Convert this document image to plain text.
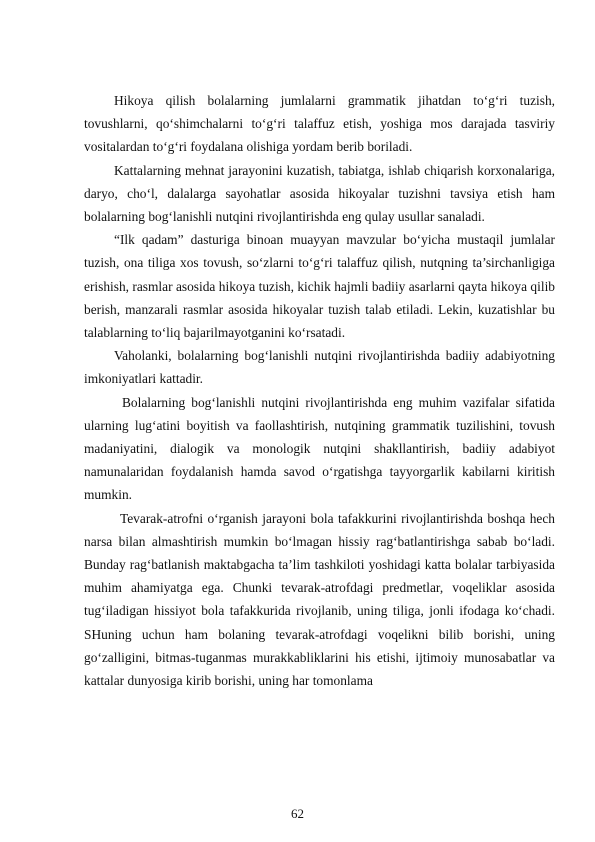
Hikoya qilish bolalarning jumlalarni grammatik jihatdan to‘g‘ri tuzish, tovushlarni, qo‘shimchalarni to‘g‘ri talaffuz etish, yoshiga mos darajada tasviriy vositalardan to‘g‘ri foydalana olishiga yordam berib boriladi.

Kattalarning mehnat jarayonini kuzatish, tabiatga, ishlab chiqarish korxonalariga, daryo, cho‘l, dalalarga sayohatlar asosida hikoyalar tuzishni tavsiya etish ham bolalarning bog‘lanishli nutqini rivojlantirishda eng qulay usullar sanaladi.

“Ilk qadam” dasturiga binoan muayyan mavzular bo‘yicha mustaqil jumlalar tuzish, ona tiliga xos tovush, so‘zlarni to‘g‘ri talaffuz qilish, nutqning ta’sirchanligiga erishish, rasmlar asosida hikoya tuzish, kichik hajmli badiiy asarlarni qayta hikoya qilib berish, manzarali rasmlar asosida hikoyalar tuzish talab etiladi. Lekin, kuzatishlar bu talablarning to‘liq bajarilmayotganini ko‘rsatadi.

Vaholanki, bolalarning bog‘lanishli nutqini rivojlantirishda badiiy adabiyotning imkoniyatlari kattadir.

Bolalarning bog‘lanishli nutqini rivojlantirishda eng muhim vazifalar sifatida ularning lug‘atini boyitish va faollashtirish, nutqining grammatik tuzilishini, tovush madaniyatini, dialogik va monologik nutqini shakllantirish, badiiy adabiyot namunalaridan foydalanish hamda savod o‘rgatishga tayyorgarlik kabilarni kiritish mumkin.

Tevarak-atrofni o‘rganish jarayoni bola tafakkurini rivojlantirishda boshqa hech narsa bilan almashtirish mumkin bo‘lmagan hissiy rag‘batlantirishga sabab bo‘ladi. Bunday rag‘batlanish maktabgacha ta’lim tashkiloti yoshidagi katta bolalar tarbiyasida muhim ahamiyatga ega. Chunki tevarak-atrofdagi predmetlar, voqeliklar asosida tug‘iladigan hissiyot bola tafakkurida rivojlanib, uning tiliga, jonli ifodaga ko‘chadi. SHuning uchun ham bolaning tevarak-atrofdagi voqelikni bilib borishi, uning go‘zalligini, bitmas-tuganmas murakkabliklarini his etishi, ijtimoiy munosabatlar va kattalar dunyosiga kirib borishi, uning har tomonlama

62
